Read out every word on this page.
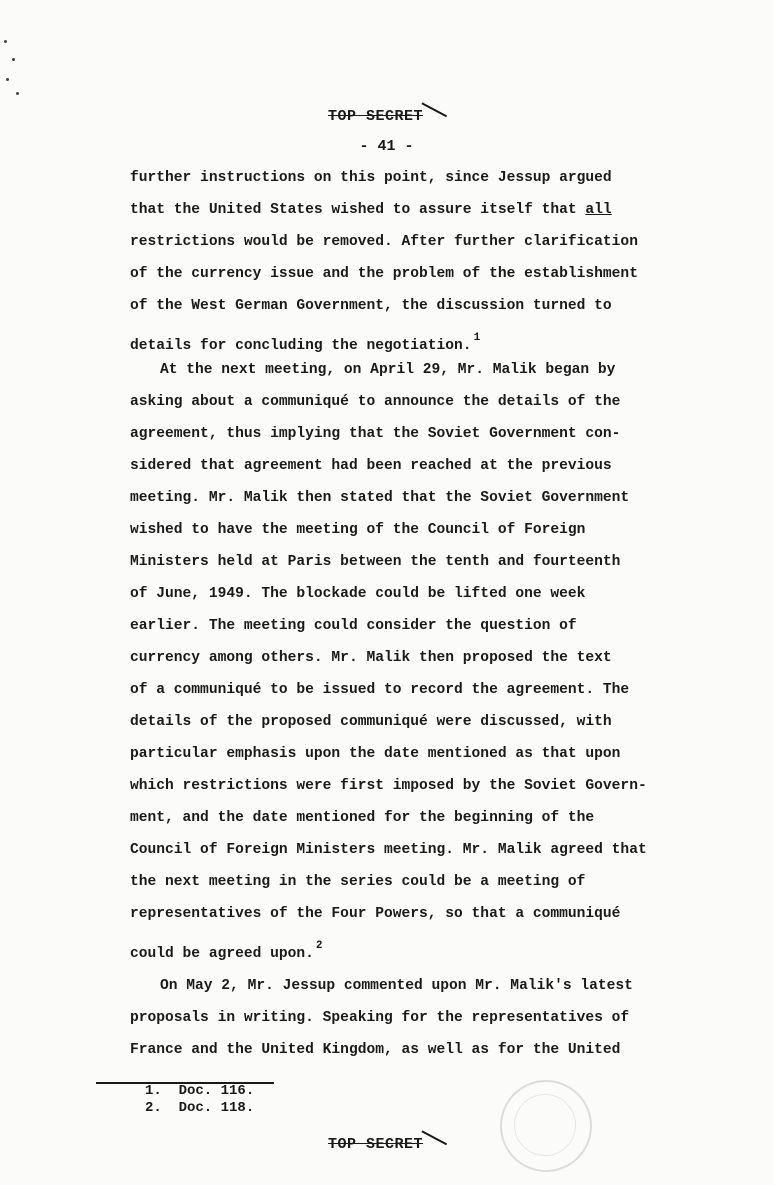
TOP SECRET
- 41 -
further instructions on this point, since Jessup argued
that the United States wished to assure itself that all
restrictions would be removed. After further clarification
of the currency issue and the problem of the establishment
of the West German Government, the discussion turned to
details for concluding the negotiation. $^1$
At the next meeting, on April 29, Mr. Malik began by
asking about a communiqué to announce the details of the
agreement, thus implying that the Soviet Government con-
sidered that agreement had been reached at the previous
meeting. Mr. Malik then stated that the Soviet Government
wished to have the meeting of the Council of Foreign
Ministers held at Paris between the tenth and fourteenth
of June, 1949. The blockade could be lifted one week
earlier. The meeting could consider the question of
currency among others. Mr. Malik then proposed the text
of a communiqué to be issued to record the agreement. The
details of the proposed communiqué were discussed, with
particular emphasis upon the date mentioned as that upon
which restrictions were first imposed by the Soviet Govern-
ment, and the date mentioned for the beginning of the
Council of Foreign Ministers meeting. Mr. Malik agreed that
the next meeting in the series could be a meeting of
representatives of the Four Powers, so that a communiqué
could be agreed upon. $^2$
On May 2, Mr. Jessup commented upon Mr. Malik's latest
proposals in writing. Speaking for the representatives of
France and the United Kingdom, as well as for the United
1.  Doc. 116.
2.  Doc. 118.
TOP SECRET
